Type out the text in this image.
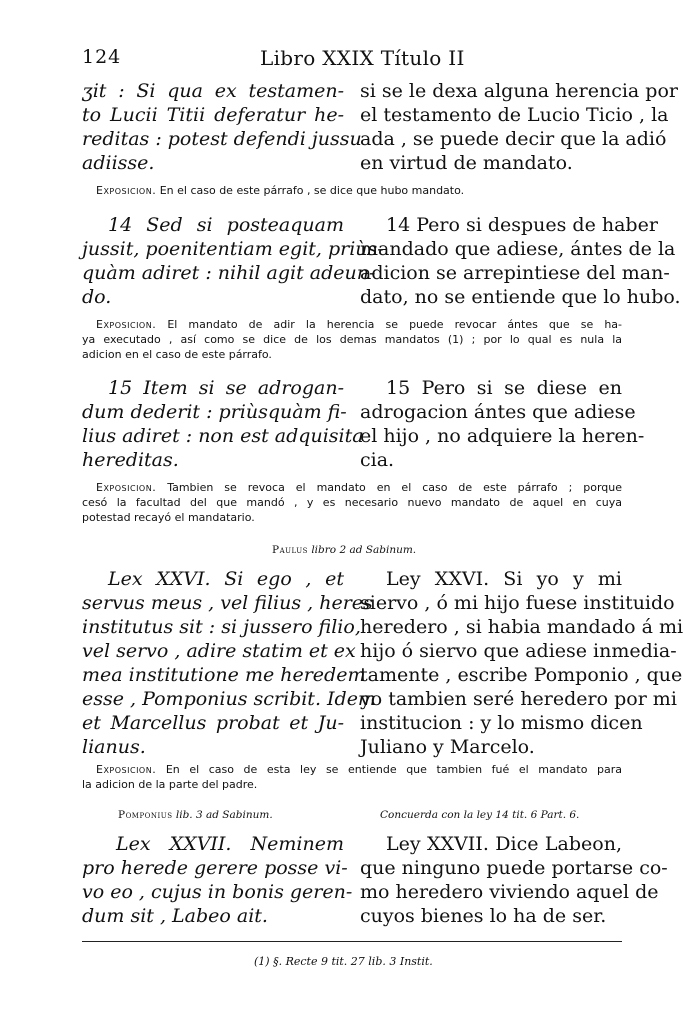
124	Libro XXIX Título II
ʒit : Si qua ex testamen-
to Lucii Titii deferatur he-
reditas : potest defendi jussu
adiisse.
si se le dexa alguna herencia por
el testamento de Lucio Ticio , la
ada , se puede decir que la adió
en virtud de mandato.
Exposicion. En el caso de este párrafo , se dice que hubo mandato.
14 Sed si posteaquam
jussit, poenitentiam egit, priùs-
quàm adiret : nihil agit adeun-
do.
14 Pero si despues de haber
mandado que adiese, ántes de la
adicion se arrepintiese del man-
dato, no se entiende que lo hubo.
Exposicion. El mandato de adir la herencia se puede revocar ántes que se ha-
ya executado , así como se dice de los demas mandatos (1) ; por lo qual es nula la
adicion en el caso de este párrafo.
15 Item si se adrogan-
dum dederit : priùsquàm fi-
lius adiret : non est adquisita
hereditas.
15 Pero si se diese en
adrogacion ántes que adiese
el hijo , no adquiere la heren-
cia.
Exposicion. Tambien se revoca el mandato en el caso de este párrafo ; porque
cesó la facultad del que mandó , y es necesario nuevo mandato de aquel en cuya
potestad recayó el mandatario.
Paulus libro 2 ad Sabinum.
Lex XXVI. Si ego , et
servus meus , vel filius , heres
institutus sit : si jussero filio,
vel servo , adire statim et ex
mea institutione me heredem
esse , Pomponius scribit. Idem
et Marcellus probat et Ju-
lianus.
Ley XXVI. Si yo y mi
siervo , ó mi hijo fuese instituido
heredero , si habia mandado á mi
hijo ó siervo que adiese inmedia-
tamente , escribe Pomponio , que
yo tambien seré heredero por mi
institucion : y lo mismo dicen
Juliano y Marcelo.
Exposicion. En el caso de esta ley se entiende que tambien fué el mandato para
la adicion de la parte del padre.
Pomponius lib. 3 ad Sabinum.	Concuerda con la ley 14 tit. 6 Part. 6.
Lex XXVII. Neminem
pro herede gerere posse vi-
vo eo , cujus in bonis geren-
dum sit , Labeo ait.
Ley XXVII. Dice Labeon,
que ninguno puede portarse co-
mo heredero viviendo aquel de
cuyos bienes lo ha de ser.
(1) §. Recte 9 tit. 27 lib. 3 Instit.
